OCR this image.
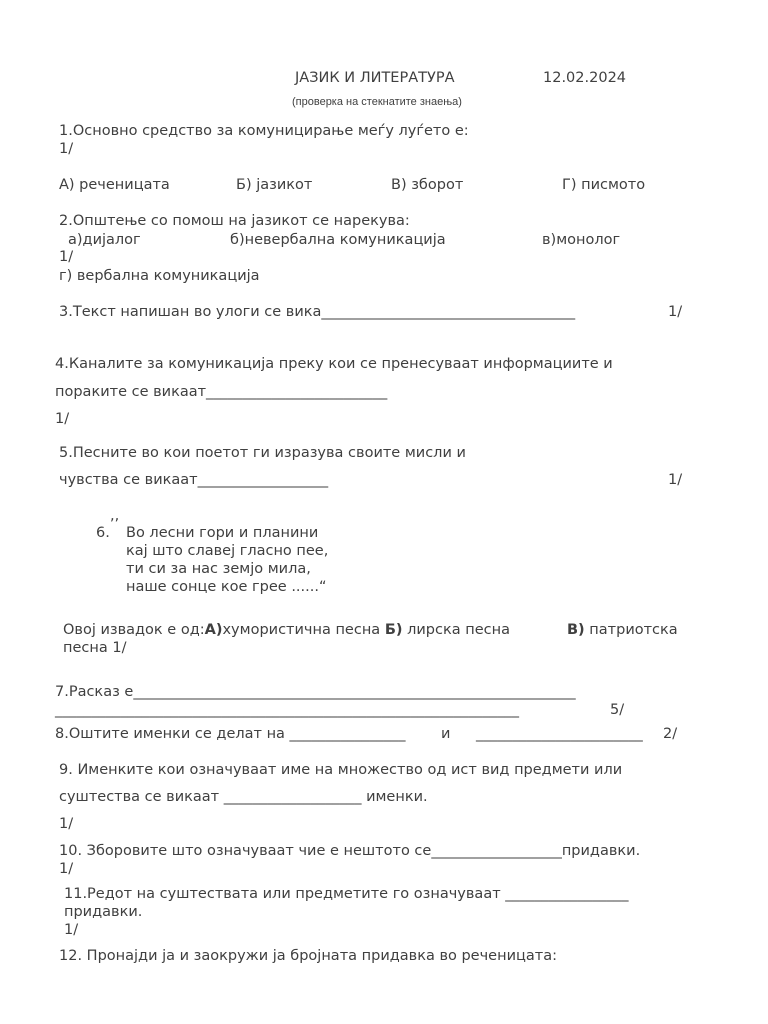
ЈАЗИК И ЛИТЕРАТУРА	12.02.2024
(проверка на стекнатите знаења)
1.Основно средство за комуницирање меѓу луѓето е:
1/
А) реченицата	Б) јазикот	В) зборот	Г) писмото
2.Општење со помош на јазикот се нарекува:
а)дијалог	б)невербална комуникација	в)монолог
1/
г) вербална комуникација
3.Текст напишан во улоги се вика___________________________________	1/
4.Каналите за комуникација преку кои се пренесуваат информациите и
пораките се викаат_________________________
1/
5.Песните во кои поетот ги изразува своите мисли и
чувства се викаат__________________	1/
,,
6. Во лесни гори и планини
кај што славеј гласно пее,
ти си за нас земјо мила,
наше сонце кое грее ......“
Овој извадок е од:А)хумористична песна Б) лирска песна	В) патриотска
песна 1/
7.Расказ е_____________________________________________________________
________________________________________________________________	5/
8.Оштите именки се делат на ________________ и _______________________ 2/
9. Именките кои означуваат име на множество од ист вид предмети или
суштества се викаат ___________________ именки.
1/
10. Зборовите што означуваат чие е нештото се__________________придавки.
1/
11.Редот на суштествата или предметите го означуваат _________________
придавки.
1/
12. Пронајди ја и заокружи ја бројната придавка во реченицата:
